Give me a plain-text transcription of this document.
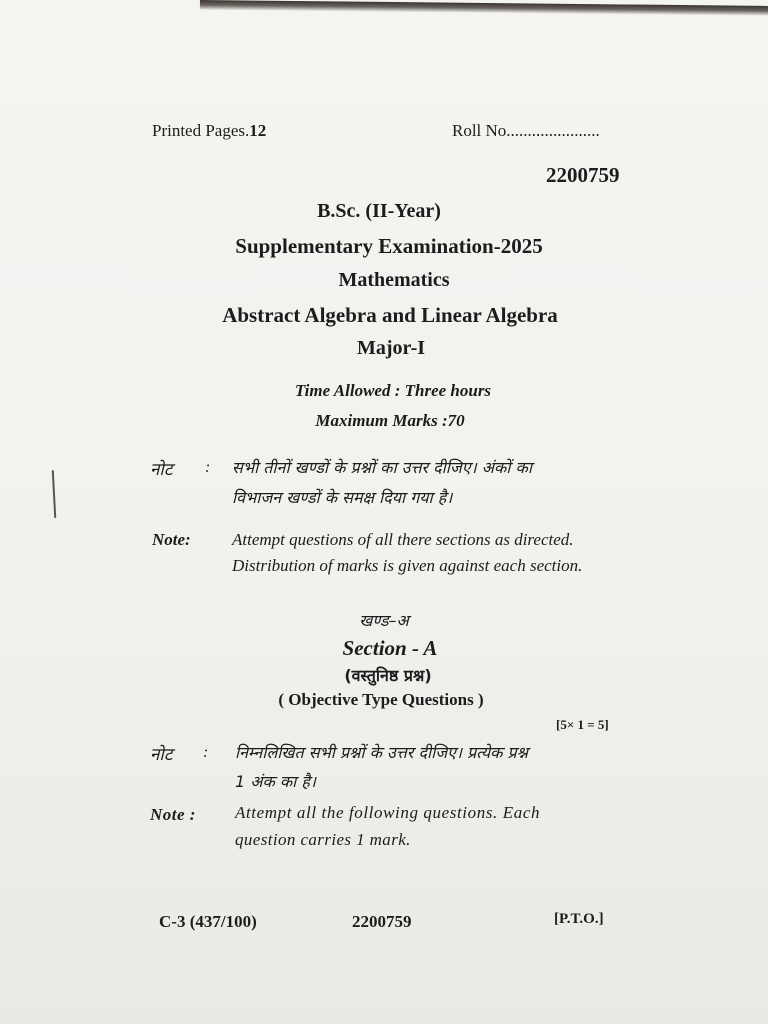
Printed Pages.12	Roll No......................
2200759
B.Sc. (II-Year)
Supplementary Examination-2025
Mathematics
Abstract Algebra and Linear Algebra
Major-I
Time Allowed : Three hours
Maximum Marks :70
नोट : सभी तीनों खण्डों के प्रश्नों का उत्तर दीजिए। अंकों का
विभाजन खण्डों के समक्ष दिया गया है।
Note: Attempt questions of all there sections as directed.
Distribution of marks is given against each section.
खण्ड–अ
Section - A
(वस्तुनिष्ठ प्रश्न)
( Objective Type Questions )
[5× 1 = 5]
नोट : निम्नलिखित सभी प्रश्नों के उत्तर दीजिए। प्रत्येक प्रश्न
1 अंक का है।
Note : Attempt all the following questions. Each
question carries 1 mark.
C-3 (437/100)	2200759	[P.T.O.]
